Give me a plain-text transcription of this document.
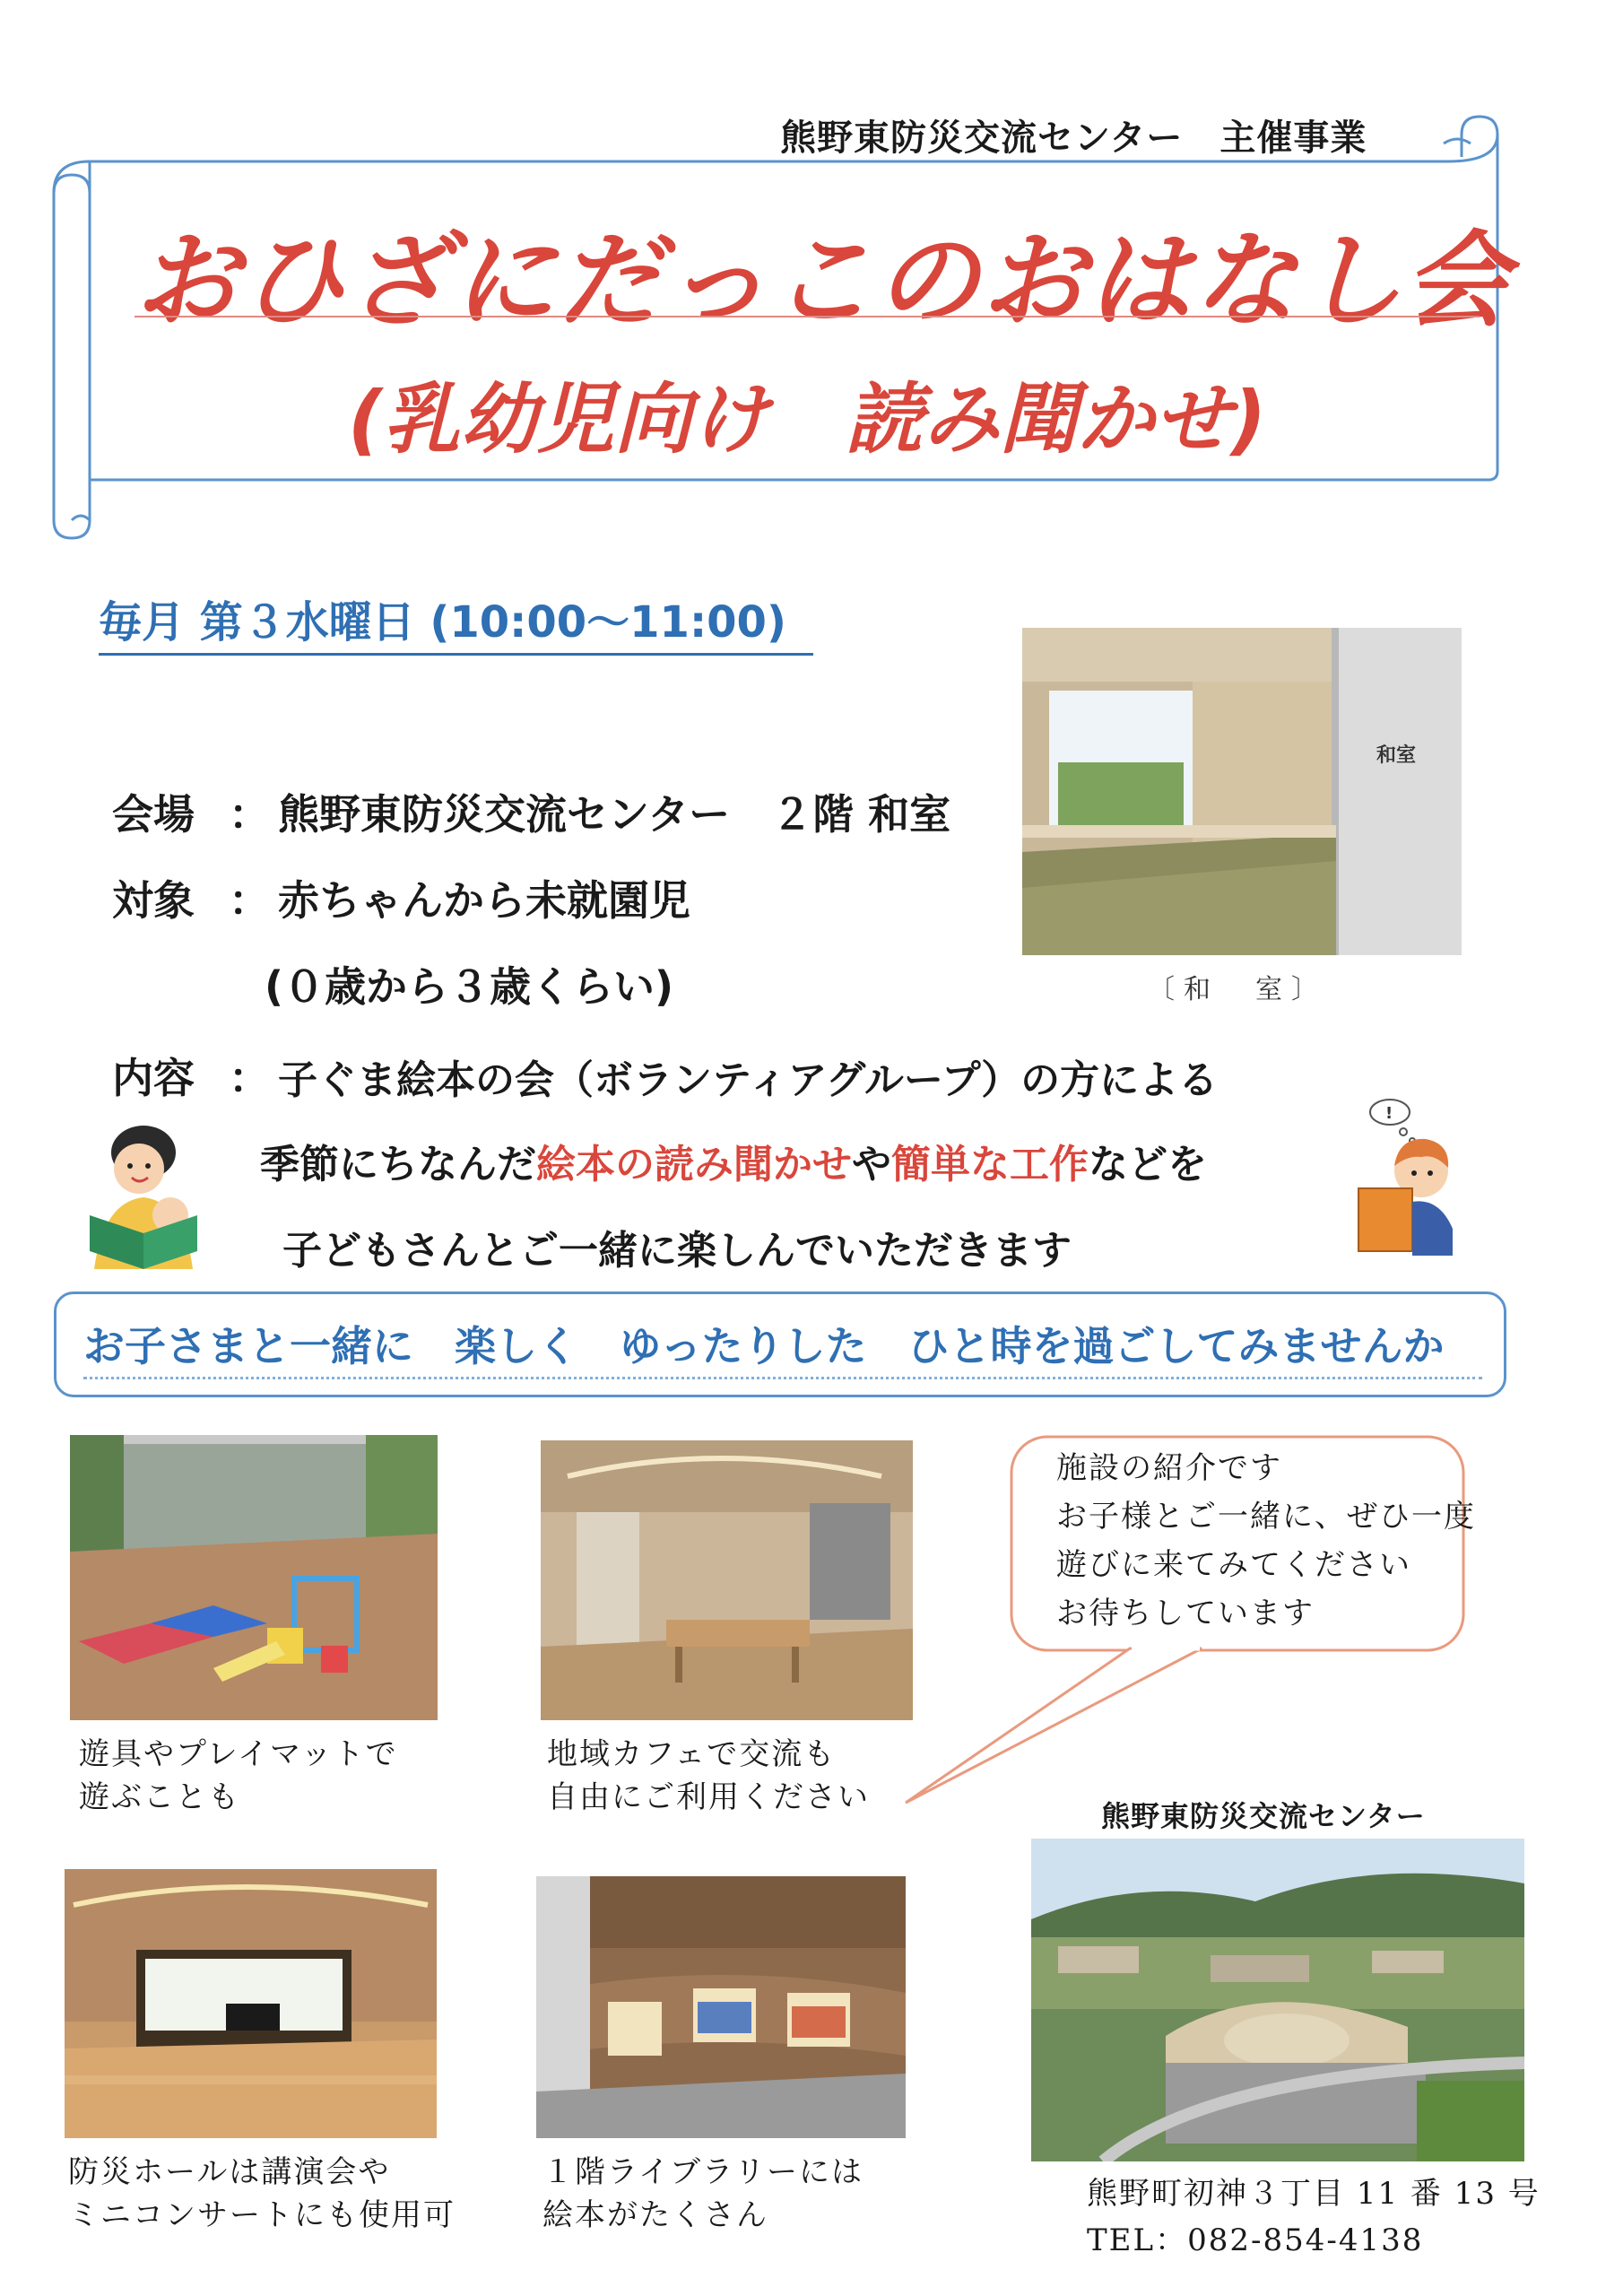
熊野東防災交流センター　主催事業
おひざにだっこのおはなし会
(乳幼児向け　読み聞かせ)
毎月 第３水曜日 (10:00〜11:00)
和室
〔和　室〕
会場 ： 熊野東防災交流センター　２階 和室
対象 ： 赤ちゃんから未就園児
(０歳から３歳くらい)
内容 ： 子ぐま絵本の会（ボランティアグループ）の方による
季節にちなんだ絵本の読み聞かせや簡単な工作などを
子どもさんとご一緒に楽しんでいただきます
!
お子さまと一緒に　楽しく　ゆったりした　ひと時を過ごしてみませんか
遊具やプレイマットで
遊ぶことも
地域カフェで交流も
自由にご利用ください
施設の紹介です
お子様とご一緒に、ぜひ一度
遊びに来てみてください
お待ちしています
防災ホールは講演会や
ミニコンサートにも使用可
１階ライブラリーには
絵本がたくさん
熊野東防災交流センター
熊野町初神３丁目 11 番 13 号
TEL：082-854-4138
